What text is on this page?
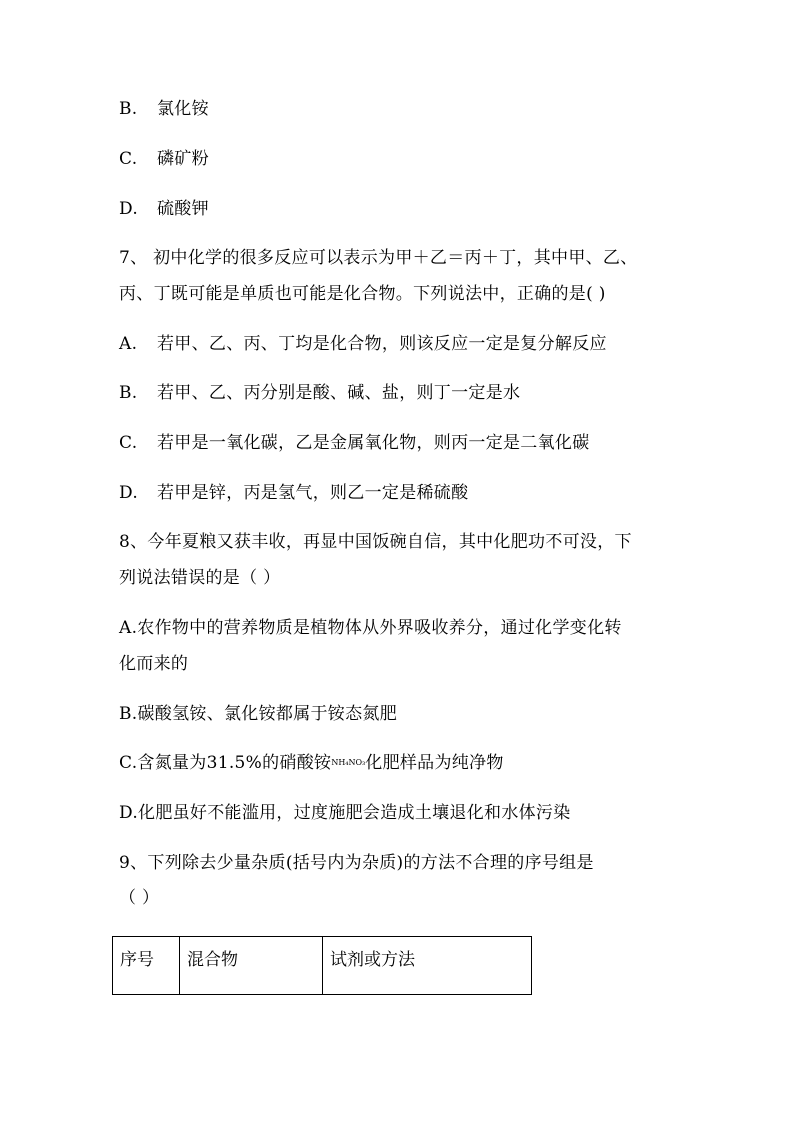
B. 氯化铵
C. 磷矿粉
D. 硫酸钾
7、 初中化学的很多反应可以表示为甲＋乙＝丙＋丁，其中甲、乙、
丙、丁既可能是单质也可能是化合物。下列说法中，正确的是( )
A. 若甲、乙、丙、丁均是化合物，则该反应一定是复分解反应
B. 若甲、乙、丙分别是酸、碱、盐，则丁一定是水
C. 若甲是一氧化碳，乙是金属氧化物，则丙一定是二氧化碳
D. 若甲是锌，丙是氢气，则乙一定是稀硫酸
8、今年夏粮又获丰收，再显中国饭碗自信，其中化肥功不可没，下
列说法错误的是（ ）
A.农作物中的营养物质是植物体从外界吸收养分，通过化学变化转
化而来的
B.碳酸氢铵、氯化铵都属于铵态氮肥
C.含氮量为31.5%的硝酸铵$^{NH_4NO_3}$化肥样品为纯净物
D.化肥虽好不能滥用，过度施肥会造成土壤退化和水体污染
9、下列除去少量杂质(括号内为杂质)的方法不合理的序号组是
（ ）
序号	混合物	试剂或方法
